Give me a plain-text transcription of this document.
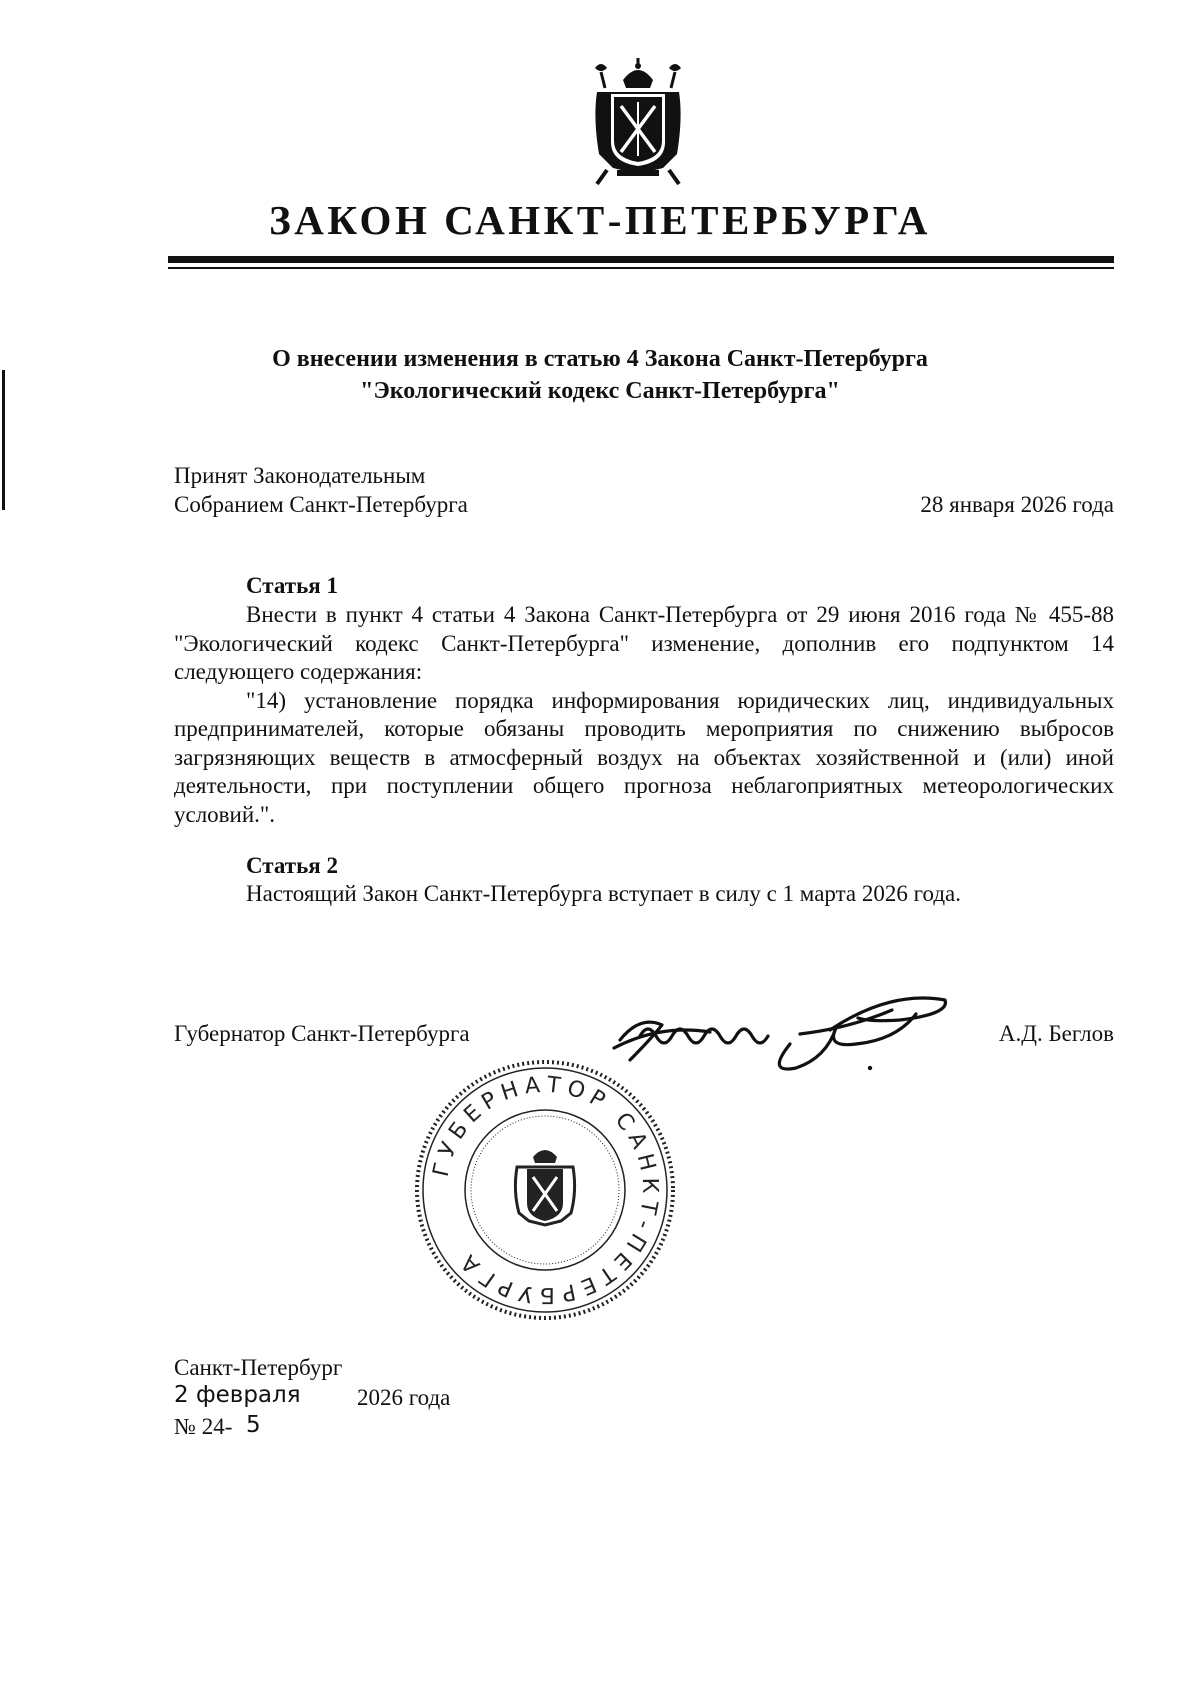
ЗАКОН САНКТ-ПЕТЕРБУРГА
О внесении изменения в статью 4 Закона Санкт-Петербурга
"Экологический кодекс Санкт-Петербурга"
Принят Законодательным
Собранием Санкт-Петербурга	28 января 2026 года
Статья 1

Внести в пункт 4 статьи 4 Закона Санкт-Петербурга от 29 июня 2016 года № 455-88 "Экологический кодекс Санкт-Петербурга" изменение, дополнив его подпунктом 14 следующего содержания:

"14) установление порядка информирования юридических лиц, индивидуальных предпринимателей, которые обязаны проводить мероприятия по снижению выбросов загрязняющих веществ в атмосферный воздух на объектах хозяйственной и (или) иной деятельности, при поступлении общего прогноза неблагоприятных метеорологических условий.".

Статья 2
Настоящий Закон Санкт-Петербурга вступает в силу с 1 марта 2026 года.
Губернатор Санкт-Петербурга	А.Д. Беглов
ГУБЕРНАТОР САНКТ-ПЕТЕРБУРГА
Санкт-Петербург
2 февраля 2026 года
№ 24- 5
